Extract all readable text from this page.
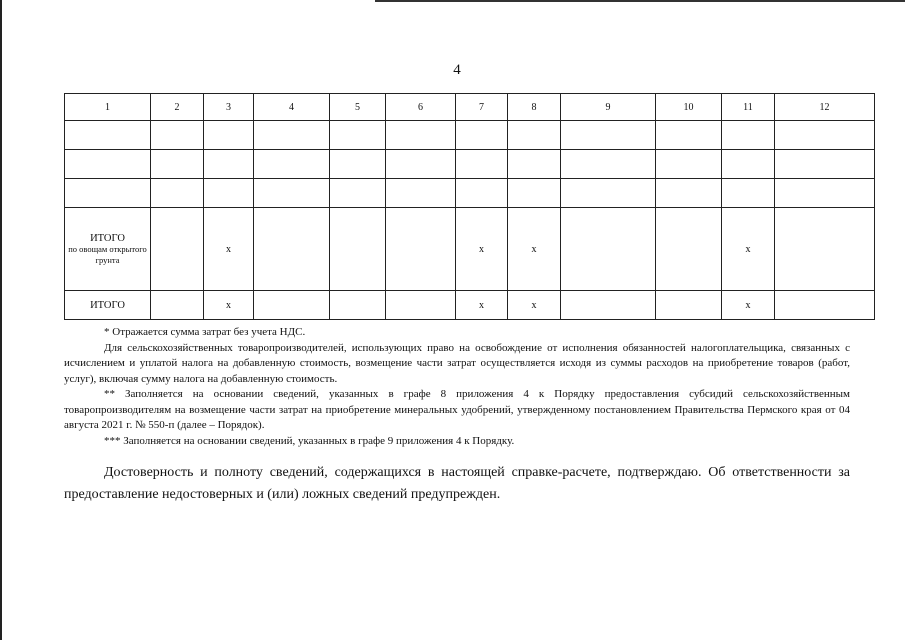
4
1	2	3	4	5	6	7	8	9	10	11	12

ИТОГО
по овощам открытого грунта		x				x	x			x	

ИТОГО		x				x	x			x	

* Отражается сумма затрат без учета НДС.

Для сельскохозяйственных товаропроизводителей, использующих право на освобождение от исполнения обязанностей налогоплательщика, связанных с исчислением и уплатой налога на добавленную стоимость, возмещение части затрат осуществляется исходя из суммы расходов на приобретение товаров (работ, услуг), включая сумму налога на добавленную стоимость.

** Заполняется на основании сведений, указанных в графе 8 приложения 4 к Порядку предоставления субсидий сельскохозяйственным товаропроизводителям на возмещение части затрат на приобретение минеральных удобрений, утвержденному постановлением Правительства Пермского края от 04 августа 2021 г. № 550-п (далее – Порядок).

*** Заполняется на основании сведений, указанных в графе 9 приложения 4 к Порядку.

Достоверность и полноту сведений, содержащихся в настоящей справке-расчете, подтверждаю. Об ответственности за предоставление недостоверных и (или) ложных сведений предупрежден.
